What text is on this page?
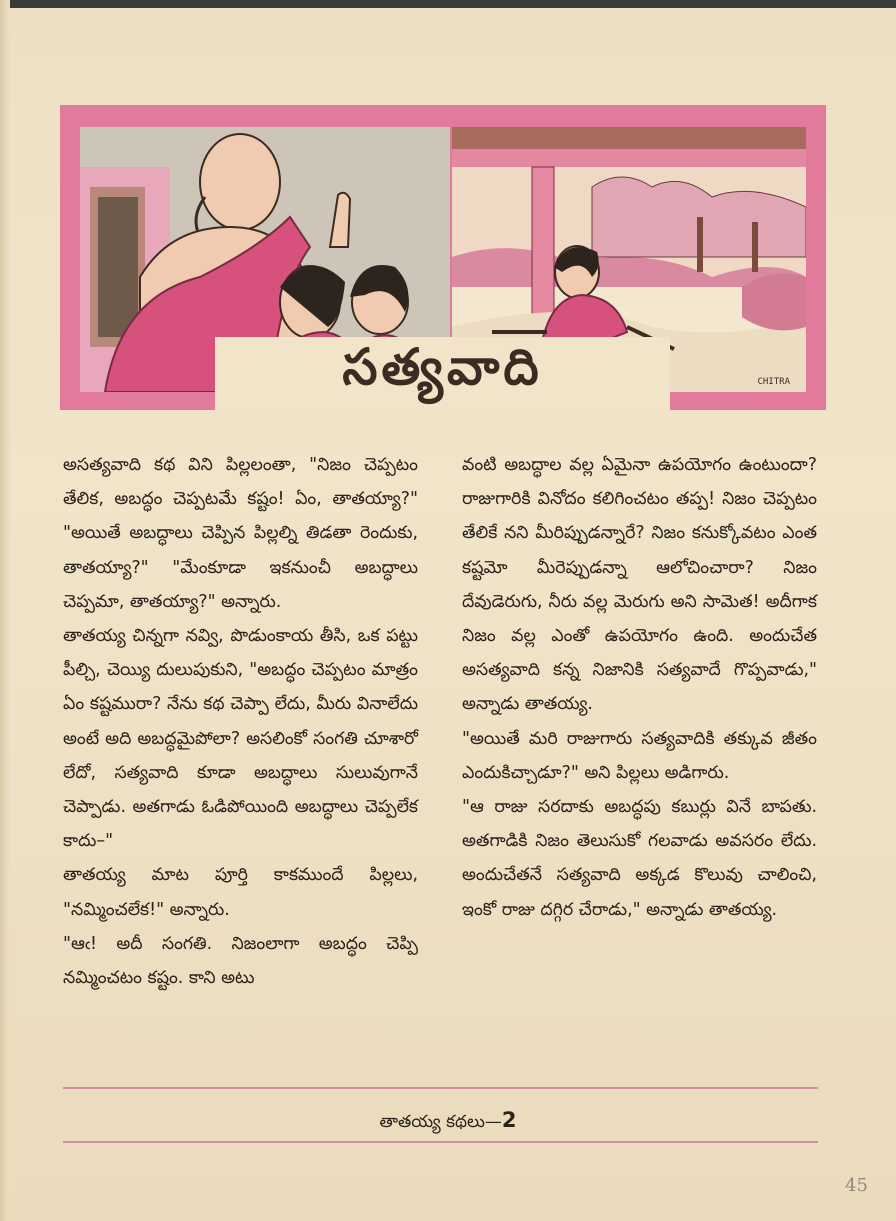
సత్యవాది	CHITRA

అసత్యవాది కథ విని పిల్లలంతా, "నిజం చెప్పటం తేలిక, అబద్ధం చెప్పటమే కష్టం! ఏం, తాతయ్యా?" "అయితే అబద్ధాలు చెప్పిన పిల్లల్ని తిడతా రెందుకు, తాతయ్యా?" "మేంకూడా ఇకనుంచీ అబద్ధాలు చెప్పమా, తాతయ్యా?" అన్నారు.

తాతయ్య చిన్నగా నవ్వి, పొడుంకాయ తీసి, ఒక పట్టు పీల్చి, చెయ్యి దులుపుకుని, "అబద్ధం చెప్పటం మాత్రం ఏం కష్టమురా? నేను కథ చెప్పా లేదు, మీరు వినాలేదు అంటే అది అబద్ధమైపోలా? అసలింకో సంగతి చూశారో లేదో, సత్యవాది కూడా అబద్ధాలు సులువుగానే చెప్పాడు. అతగాడు ఓడిపోయింది అబద్ధాలు చెప్పలేక కాదు–"

తాతయ్య మాట పూర్తి కాకముందే పిల్లలు, "నమ్మించలేక!" అన్నారు.

"ఆఁ! అదీ సంగతి. నిజంలాగా అబద్ధం చెప్పి నమ్మించటం కష్టం. కాని అటు

వంటి అబద్ధాల వల్ల ఏమైనా ఉపయోగం ఉంటుందా? రాజుగారికి వినోదం కలిగించటం తప్ప! నిజం చెప్పటం తేలికే నని మీరిప్పుడన్నారే? నిజం కనుక్కోవటం ఎంత కష్టమో మీరెప్పుడన్నా ఆలోచించారా? నిజం దేవుడెరుగు, నీరు వల్ల మెరుగు అని సామెత! అదీగాక నిజం వల్ల ఎంతో ఉపయోగం ఉంది. అందుచేత అసత్యవాది కన్న నిజానికి సత్యవాదే గొప్పవాడు," అన్నాడు తాతయ్య.

"అయితే మరి రాజుగారు సత్యవాదికి తక్కువ జీతం ఎందుకిచ్చాడూ?" అని పిల్లలు అడిగారు.

"ఆ రాజు సరదాకు అబద్ధపు కబుర్లు వినే బాపతు. అతగాడికి నిజం తెలుసుకో గలవాడు అవసరం లేదు. అందుచేతనే సత్యవాది అక్కడ కొలువు చాలించి, ఇంకో రాజు దగ్గిర చేరాడు," అన్నాడు తాతయ్య.

తాతయ్య కథలు—2
45
